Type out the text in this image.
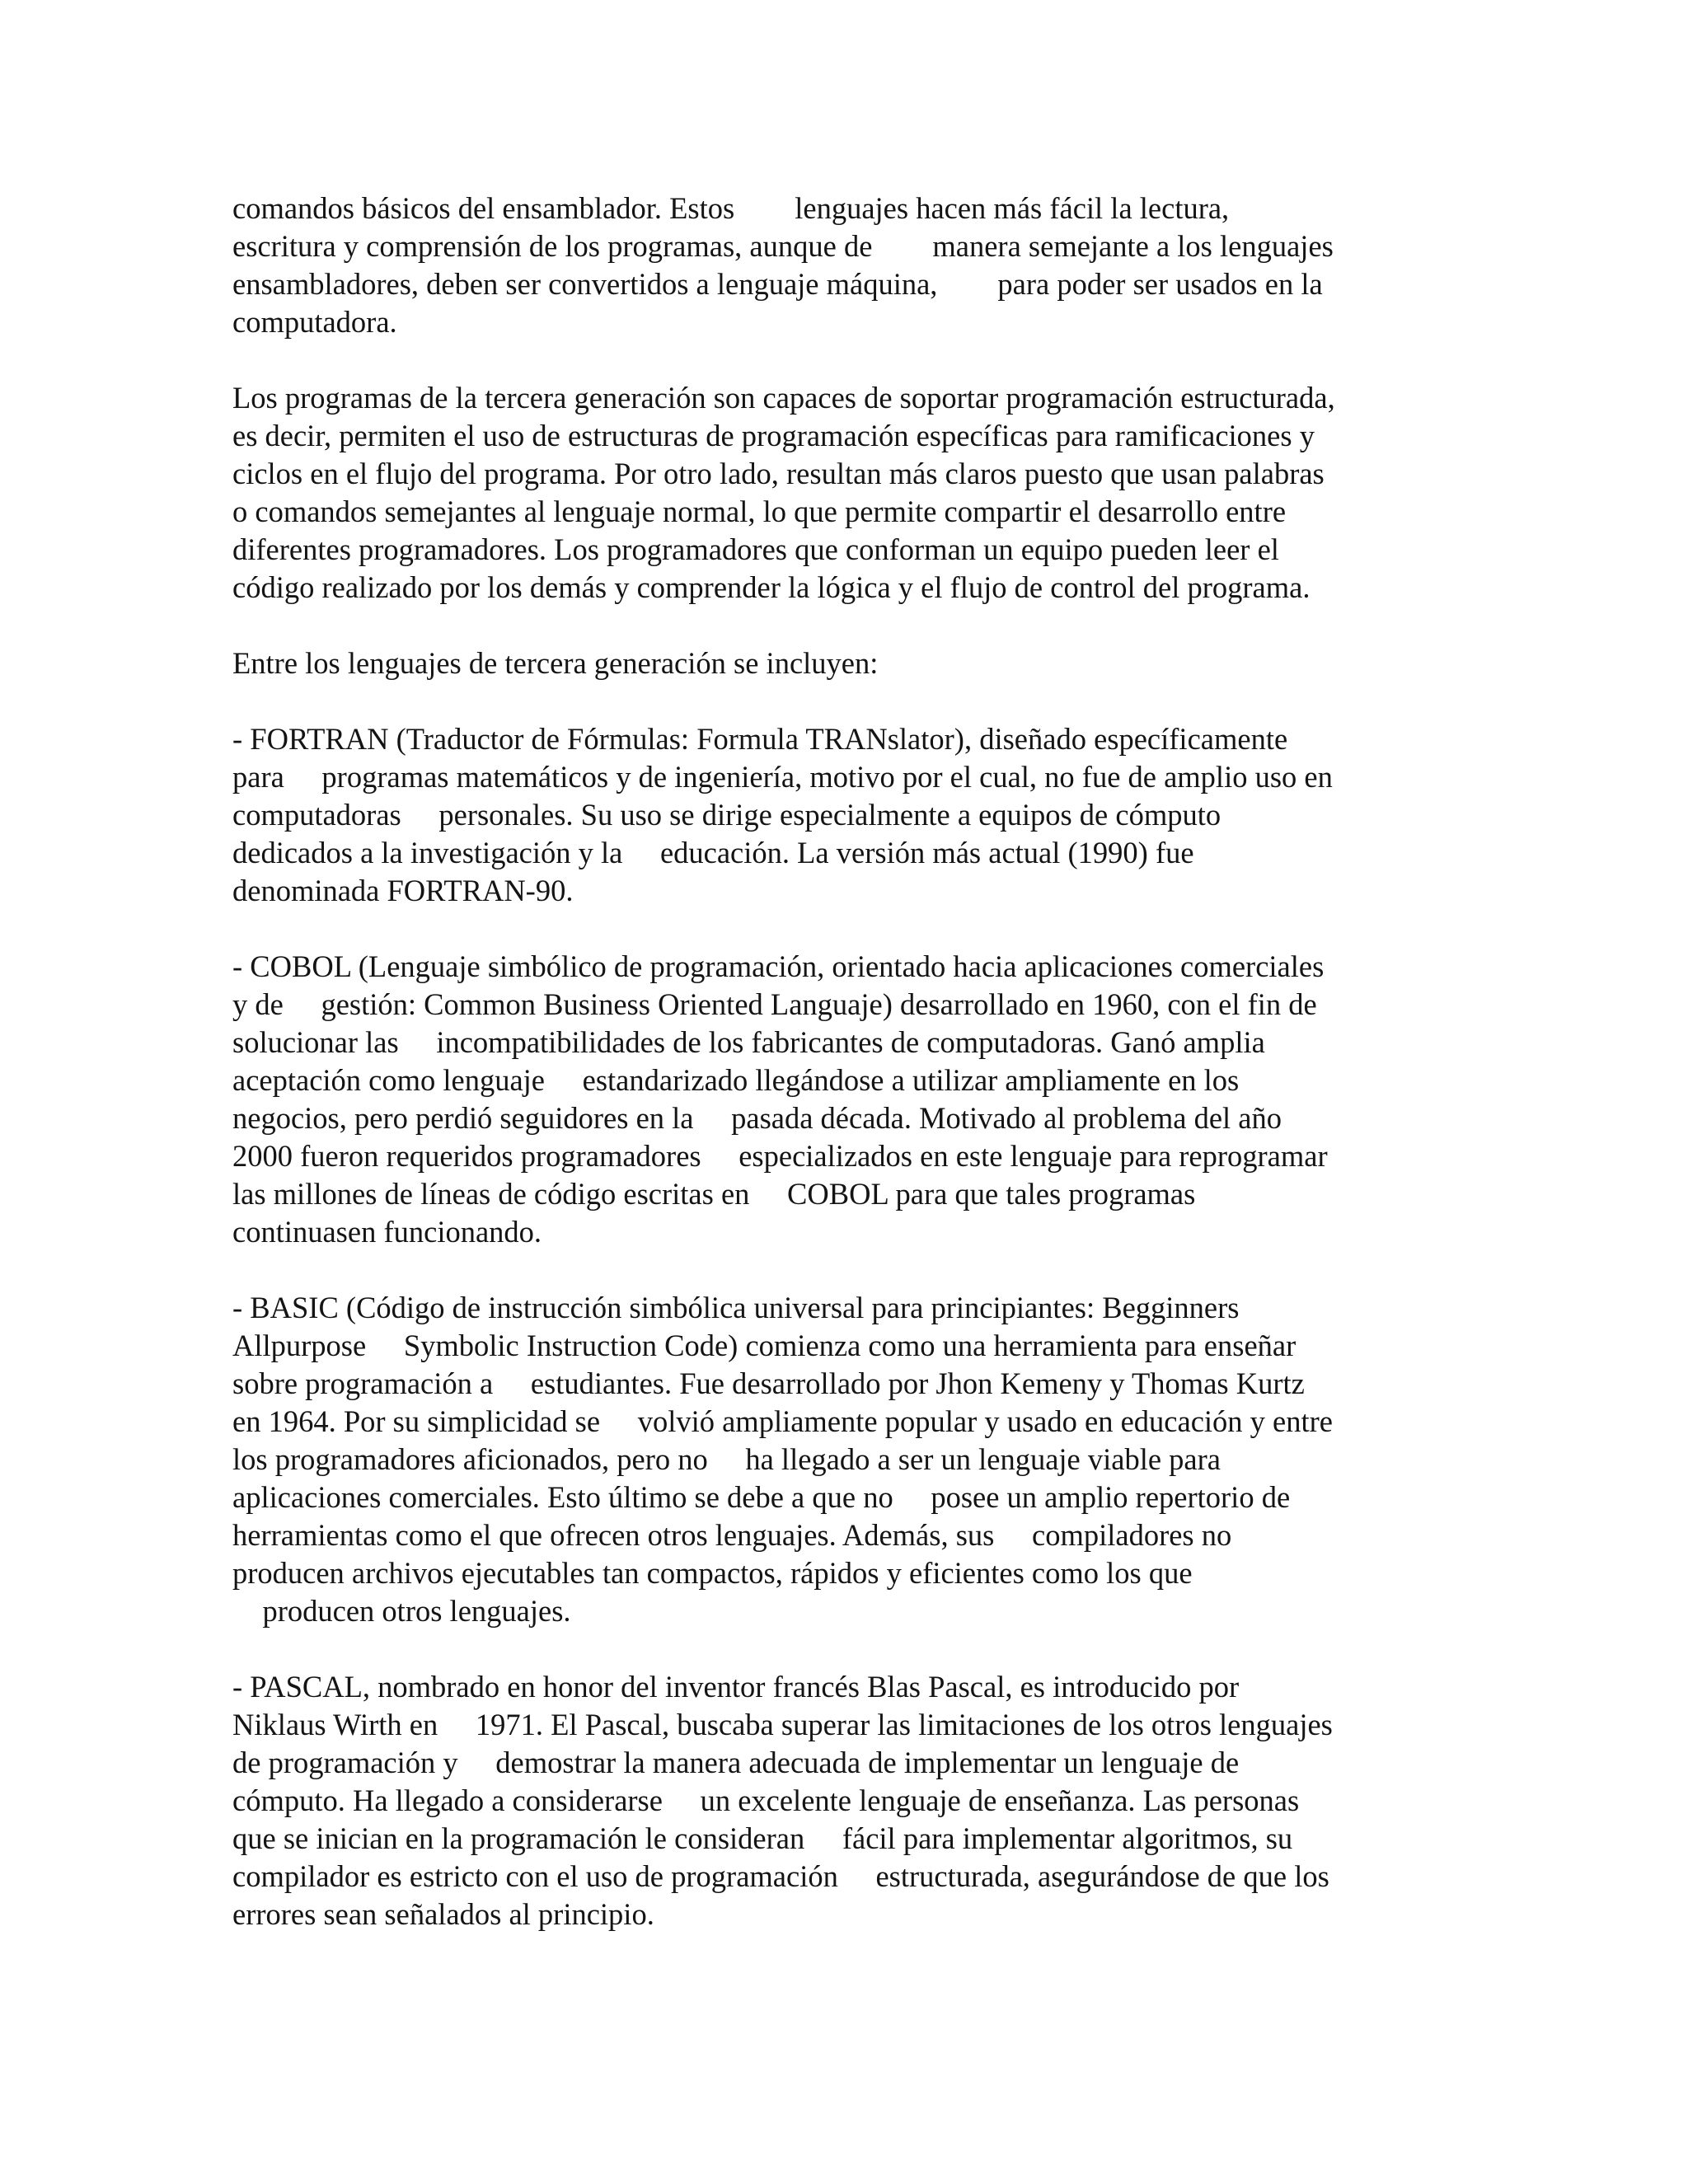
comandos básicos del ensamblador. Estos        lenguajes hacen más fácil la lectura,
escritura y comprensión de los programas, aunque de        manera semejante a los lenguajes
ensambladores, deben ser convertidos a lenguaje máquina,        para poder ser usados en la
computadora.
Los programas de la tercera generación son capaces de soportar programación estructurada,
es decir, permiten el uso de estructuras de programación específicas para ramificaciones y
ciclos en el flujo del programa. Por otro lado, resultan más claros puesto que usan palabras
o comandos semejantes al lenguaje normal, lo que permite compartir el desarrollo entre
diferentes programadores. Los programadores que conforman un equipo pueden leer el
código realizado por los demás y comprender la lógica y el flujo de control del programa.
Entre los lenguajes de tercera generación se incluyen:
- FORTRAN (Traductor de Fórmulas: Formula TRANslator), diseñado específicamente
para     programas matemáticos y de ingeniería, motivo por el cual, no fue de amplio uso en
computadoras     personales. Su uso se dirige especialmente a equipos de cómputo
dedicados a la investigación y la     educación. La versión más actual (1990) fue
denominada FORTRAN-90.
- COBOL (Lenguaje simbólico de programación, orientado hacia aplicaciones comerciales
y de     gestión: Common Business Oriented Languaje) desarrollado en 1960, con el fin de
solucionar las     incompatibilidades de los fabricantes de computadoras. Ganó amplia
aceptación como lenguaje     estandarizado llegándose a utilizar ampliamente en los
negocios, pero perdió seguidores en la     pasada década. Motivado al problema del año
2000 fueron requeridos programadores     especializados en este lenguaje para reprogramar
las millones de líneas de código escritas en     COBOL para que tales programas
continuasen funcionando.
- BASIC (Código de instrucción simbólica universal para principiantes: Begginners
Allpurpose     Symbolic Instruction Code) comienza como una herramienta para enseñar
sobre programación a     estudiantes. Fue desarrollado por Jhon Kemeny y Thomas Kurtz
en 1964. Por su simplicidad se     volvió ampliamente popular y usado en educación y entre
los programadores aficionados, pero no     ha llegado a ser un lenguaje viable para
aplicaciones comerciales. Esto último se debe a que no     posee un amplio repertorio de
herramientas como el que ofrecen otros lenguajes. Además, sus     compiladores no
producen archivos ejecutables tan compactos, rápidos y eficientes como los que
producen otros lenguajes.
- PASCAL, nombrado en honor del inventor francés Blas Pascal, es introducido por
Niklaus Wirth en     1971. El Pascal, buscaba superar las limitaciones de los otros lenguajes
de programación y     demostrar la manera adecuada de implementar un lenguaje de
cómputo. Ha llegado a considerarse     un excelente lenguaje de enseñanza. Las personas
que se inician en la programación le consideran     fácil para implementar algoritmos, su
compilador es estricto con el uso de programación     estructurada, asegurándose de que los
errores sean señalados al principio.
